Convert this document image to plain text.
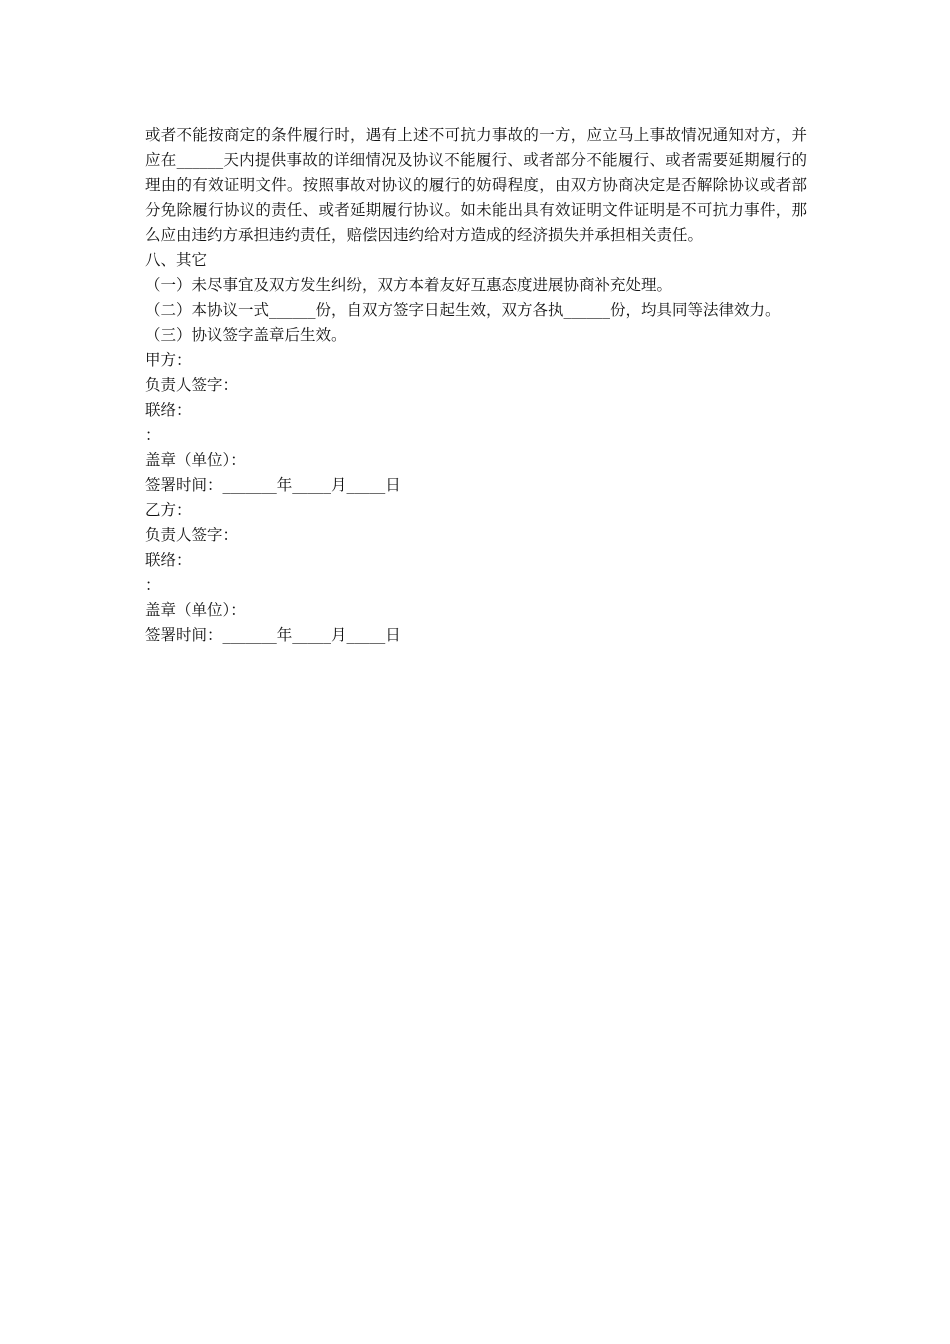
或者不能按商定的条件履行时，遇有上述不可抗力事故的一方，应立马上事故情况通知对方，并应在______天内提供事故的详细情况及协议不能履行、或者部分不能履行、或者需要延期履行的理由的有效证明文件。按照事故对协议的履行的妨碍程度，由双方协商决定是否解除协议或者部分免除履行协议的责任、或者延期履行协议。如未能出具有效证明文件证明是不可抗力事件，那么应由违约方承担违约责任，赔偿因违约给对方造成的经济损失并承担相关责任。

八、其它

（一）未尽事宜及双方发生纠纷，双方本着友好互惠态度进展协商补充处理。

（二）本协议一式______份，自双方签字日起生效，双方各执______份，均具同等法律效力。

（三）协议签字盖章后生效。

甲方：

负责人签字：

联络：

：

盖章（单位）：

签署时间：_______年_____月_____日

乙方：

负责人签字：

联络：

：

盖章（单位）：

签署时间：_______年_____月_____日
